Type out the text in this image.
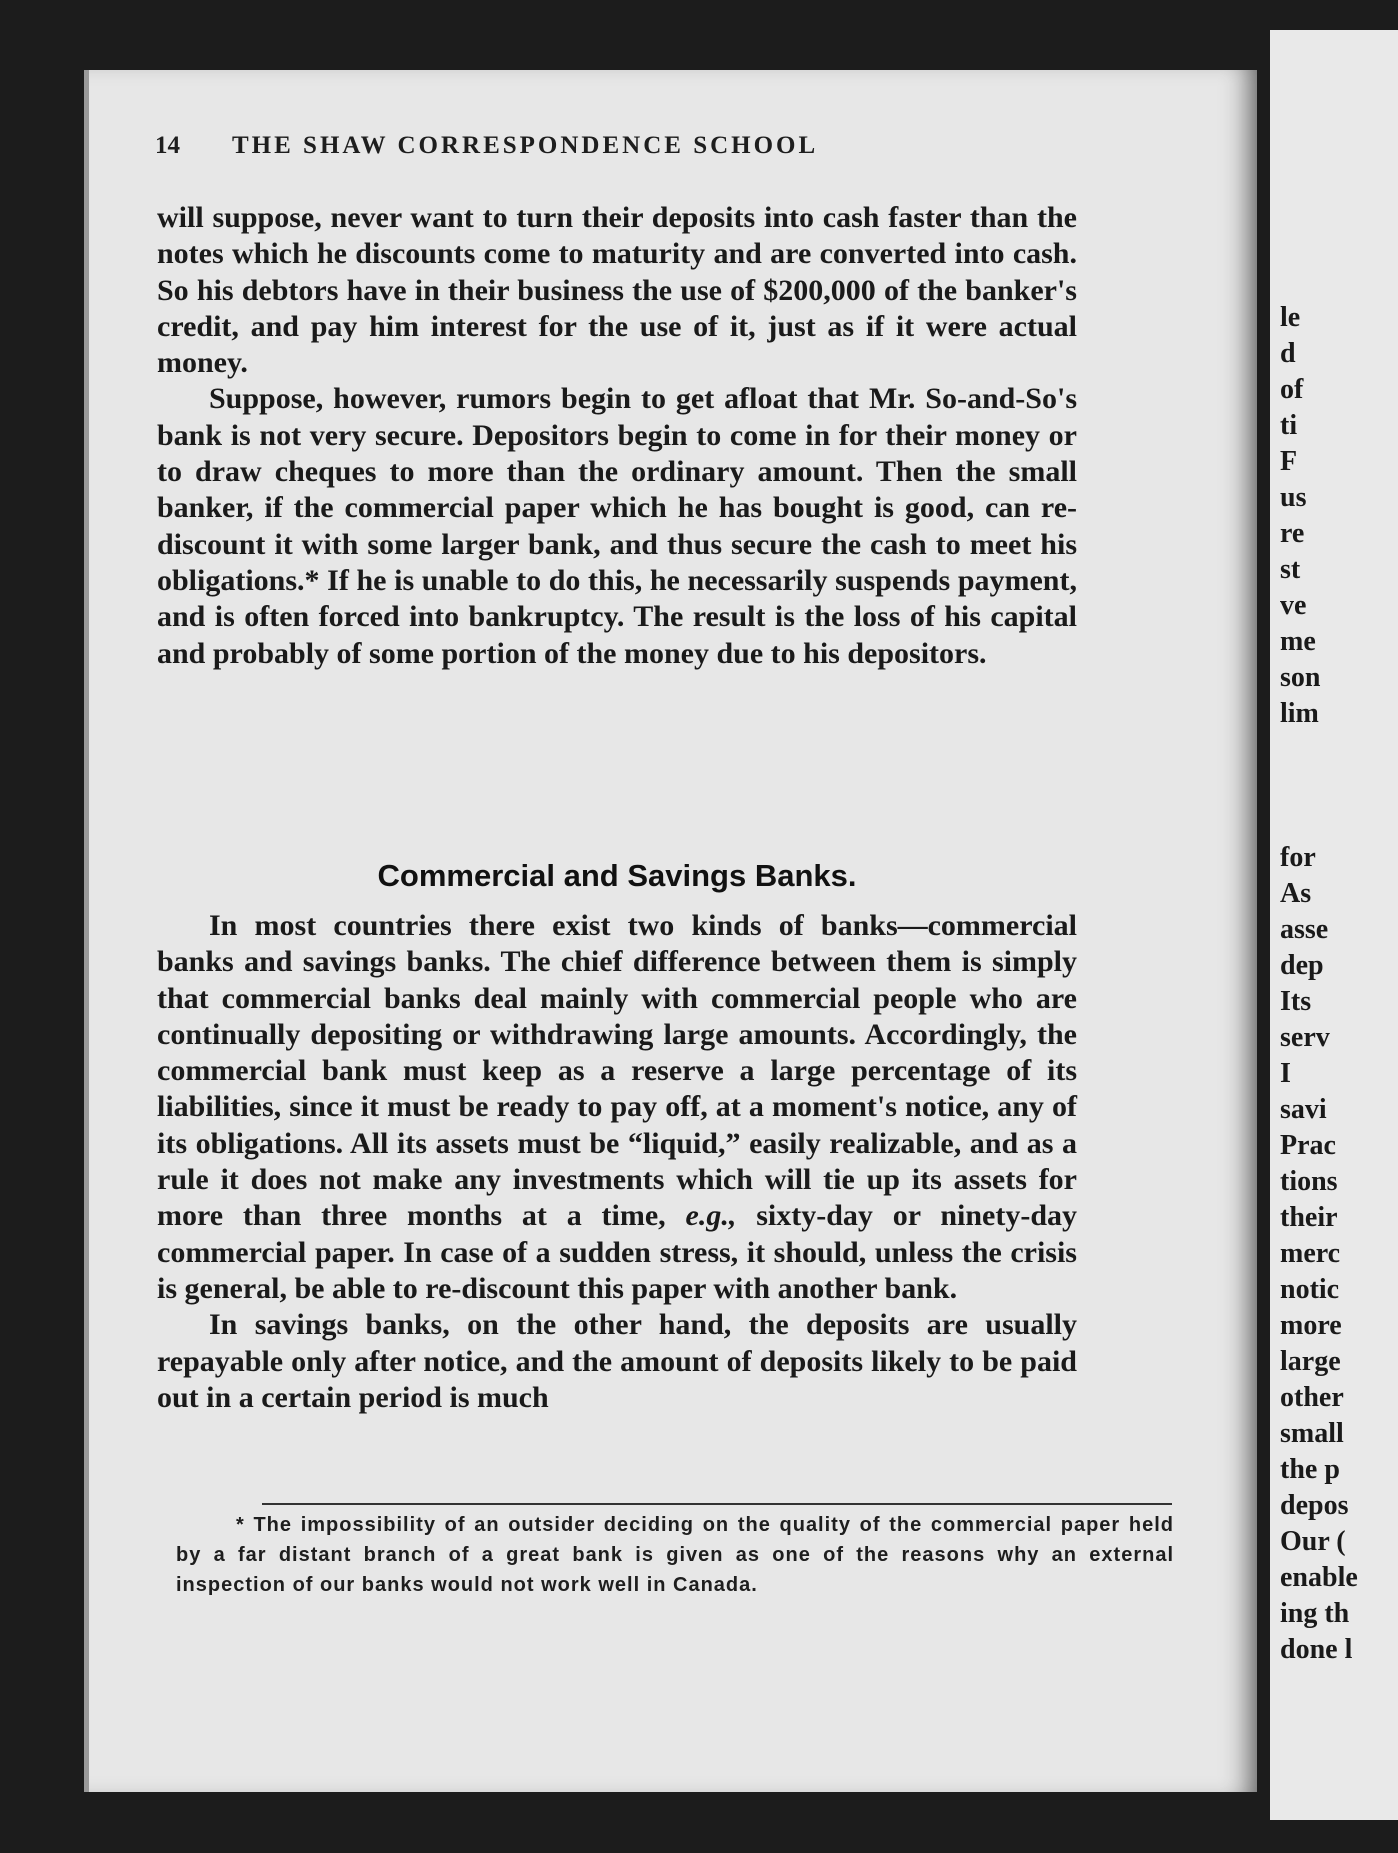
14 THE SHAW CORRESPONDENCE SCHOOL
will suppose, never want to turn their deposits into cash faster than the notes which he discounts come to maturity and are converted into cash. So his debtors have in their business the use of $200,000 of the banker's credit, and pay him interest for the use of it, just as if it were actual money.
Suppose, however, rumors begin to get afloat that Mr. So-and-So's bank is not very secure. Depositors begin to come in for their money or to draw cheques to more than the ordinary amount. Then the small banker, if the commercial paper which he has bought is good, can re-discount it with some larger bank, and thus secure the cash to meet his obligations.* If he is unable to do this, he necessarily suspends payment, and is often forced into bankruptcy. The result is the loss of his capital and probably of some portion of the money due to his depositors.
Commercial and Savings Banks.
In most countries there exist two kinds of banks—commercial banks and savings banks. The chief difference between them is simply that commercial banks deal mainly with commercial people who are continually depositing or withdrawing large amounts. Accordingly, the commercial bank must keep as a reserve a large percentage of its liabilities, since it must be ready to pay off, at a moment's notice, any of its obligations. All its assets must be “liquid,” easily realizable, and as a rule it does not make any investments which will tie up its assets for more than three months at a time, e.g., sixty-day or ninety-day commercial paper. In case of a sudden stress, it should, unless the crisis is general, be able to re-discount this paper with another bank.
In savings banks, on the other hand, the deposits are usually repayable only after notice, and the amount of deposits likely to be paid out in a certain period is much
* The impossibility of an outsider deciding on the quality of the commercial paper held by a far distant branch of a great bank is given as one of the reasons why an external inspection of our banks would not work well in Canada.
le
d
of
ti
F
us
re
st
ve
me
son
lim
for
As
asse
dep
Its
serv
I
savi
Prac
tions
their
merc
notic
more
large
other
small
the p
depos
Our (
enable
ing th
done l
